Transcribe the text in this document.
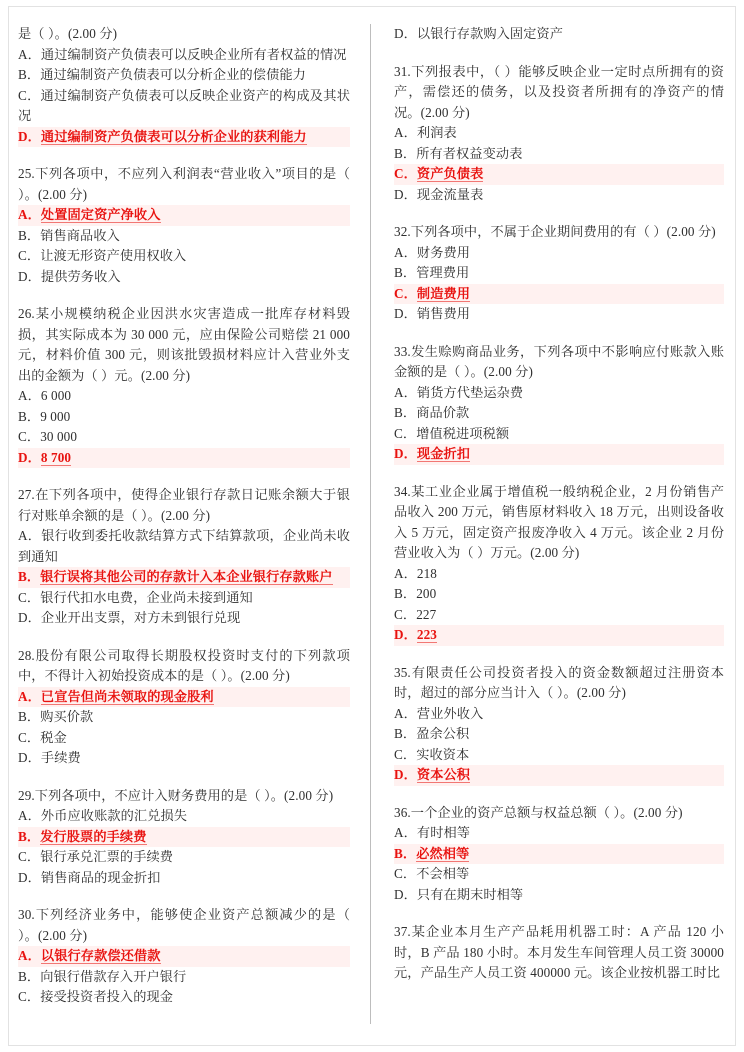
是（ ）。(2.00 分)

A．通过编制资产负债表可以反映企业所有者权益的情况

B．通过编制资产负债表可以分析企业的偿债能力

C．通过编制资产负债表可以反映企业资产的构成及其状况

D．通过编制资产负债表可以分析企业的获利能力

25.下列各项中，不应列入利润表“营业收入”项目的是（ ）。(2.00 分)

A．处置固定资产净收入

B．销售商品收入

C．让渡无形资产使用权收入

D．提供劳务收入

26.某小规模纳税企业因洪水灾害造成一批库存材料毁损，其实际成本为 30 000 元，应由保险公司赔偿 21 000 元，材料价值 300 元，则该批毁损材料应计入营业外支出的金额为（ ）元。(2.00 分)

A．6 000

B．9 000

C．30 000

D．8 700

27.在下列各项中，使得企业银行存款日记账余额大于银行对账单余额的是（ ）。(2.00 分)

A．银行收到委托收款结算方式下结算款项，企业尚未收到通知

B．银行误将其他公司的存款计入本企业银行存款账户

C．银行代扣水电费，企业尚未接到通知

D．企业开出支票，对方未到银行兑现

28.股份有限公司取得长期股权投资时支付的下列款项中，不得计入初始投资成本的是（ ）。(2.00 分)

A．已宣告但尚未领取的现金股利

B．购买价款

C．税金

D．手续费

29.下列各项中，不应计入财务费用的是（ ）。(2.00 分)

A．外币应收账款的汇兑损失

B．发行股票的手续费

C．银行承兑汇票的手续费

D．销售商品的现金折扣

30.下列经济业务中，能够使企业资产总额减少的是（ ）。(2.00 分)

A．以银行存款偿还借款

B．向银行借款存入开户银行

C．接受投资者投入的现金

D．以银行存款购入固定资产

31.下列报表中，（ ）能够反映企业一定时点所拥有的资产，需偿还的债务，以及投资者所拥有的净资产的情况。(2.00 分)

A．利润表

B．所有者权益变动表

C．资产负债表

D．现金流量表

32.下列各项中，不属于企业期间费用的有（ ）(2.00 分)

A．财务费用

B．管理费用

C．制造费用

D．销售费用

33.发生赊购商品业务，下列各项中不影响应付账款入账金额的是（ ）。(2.00 分)

A．销货方代垫运杂费

B．商品价款

C．增值税进项税额

D．现金折扣

34.某工业企业属于增值税一般纳税企业，2 月份销售产品收入 200 万元，销售原材料收入 18 万元，出则设备收入 5 万元，固定资产报废净收入 4 万元。该企业 2 月份营业收入为（ ）万元。(2.00 分)

A．218

B．200

C．227

D．223

35.有限责任公司投资者投入的资金数额超过注册资本时，超过的部分应当计入（ ）。(2.00 分)

A．营业外收入

B．盈余公积

C．实收资本

D．资本公积

36.一个企业的资产总额与权益总额（ ）。(2.00 分)

A．有时相等

B．必然相等

C．不会相等

D．只有在期末时相等

37.某企业本月生产产品耗用机器工时：A 产品 120 小时，B 产品 180 小时。本月发生车间管理人员工资 30000 元，产品生产人员工资 400000 元。该企业按机器工时比
